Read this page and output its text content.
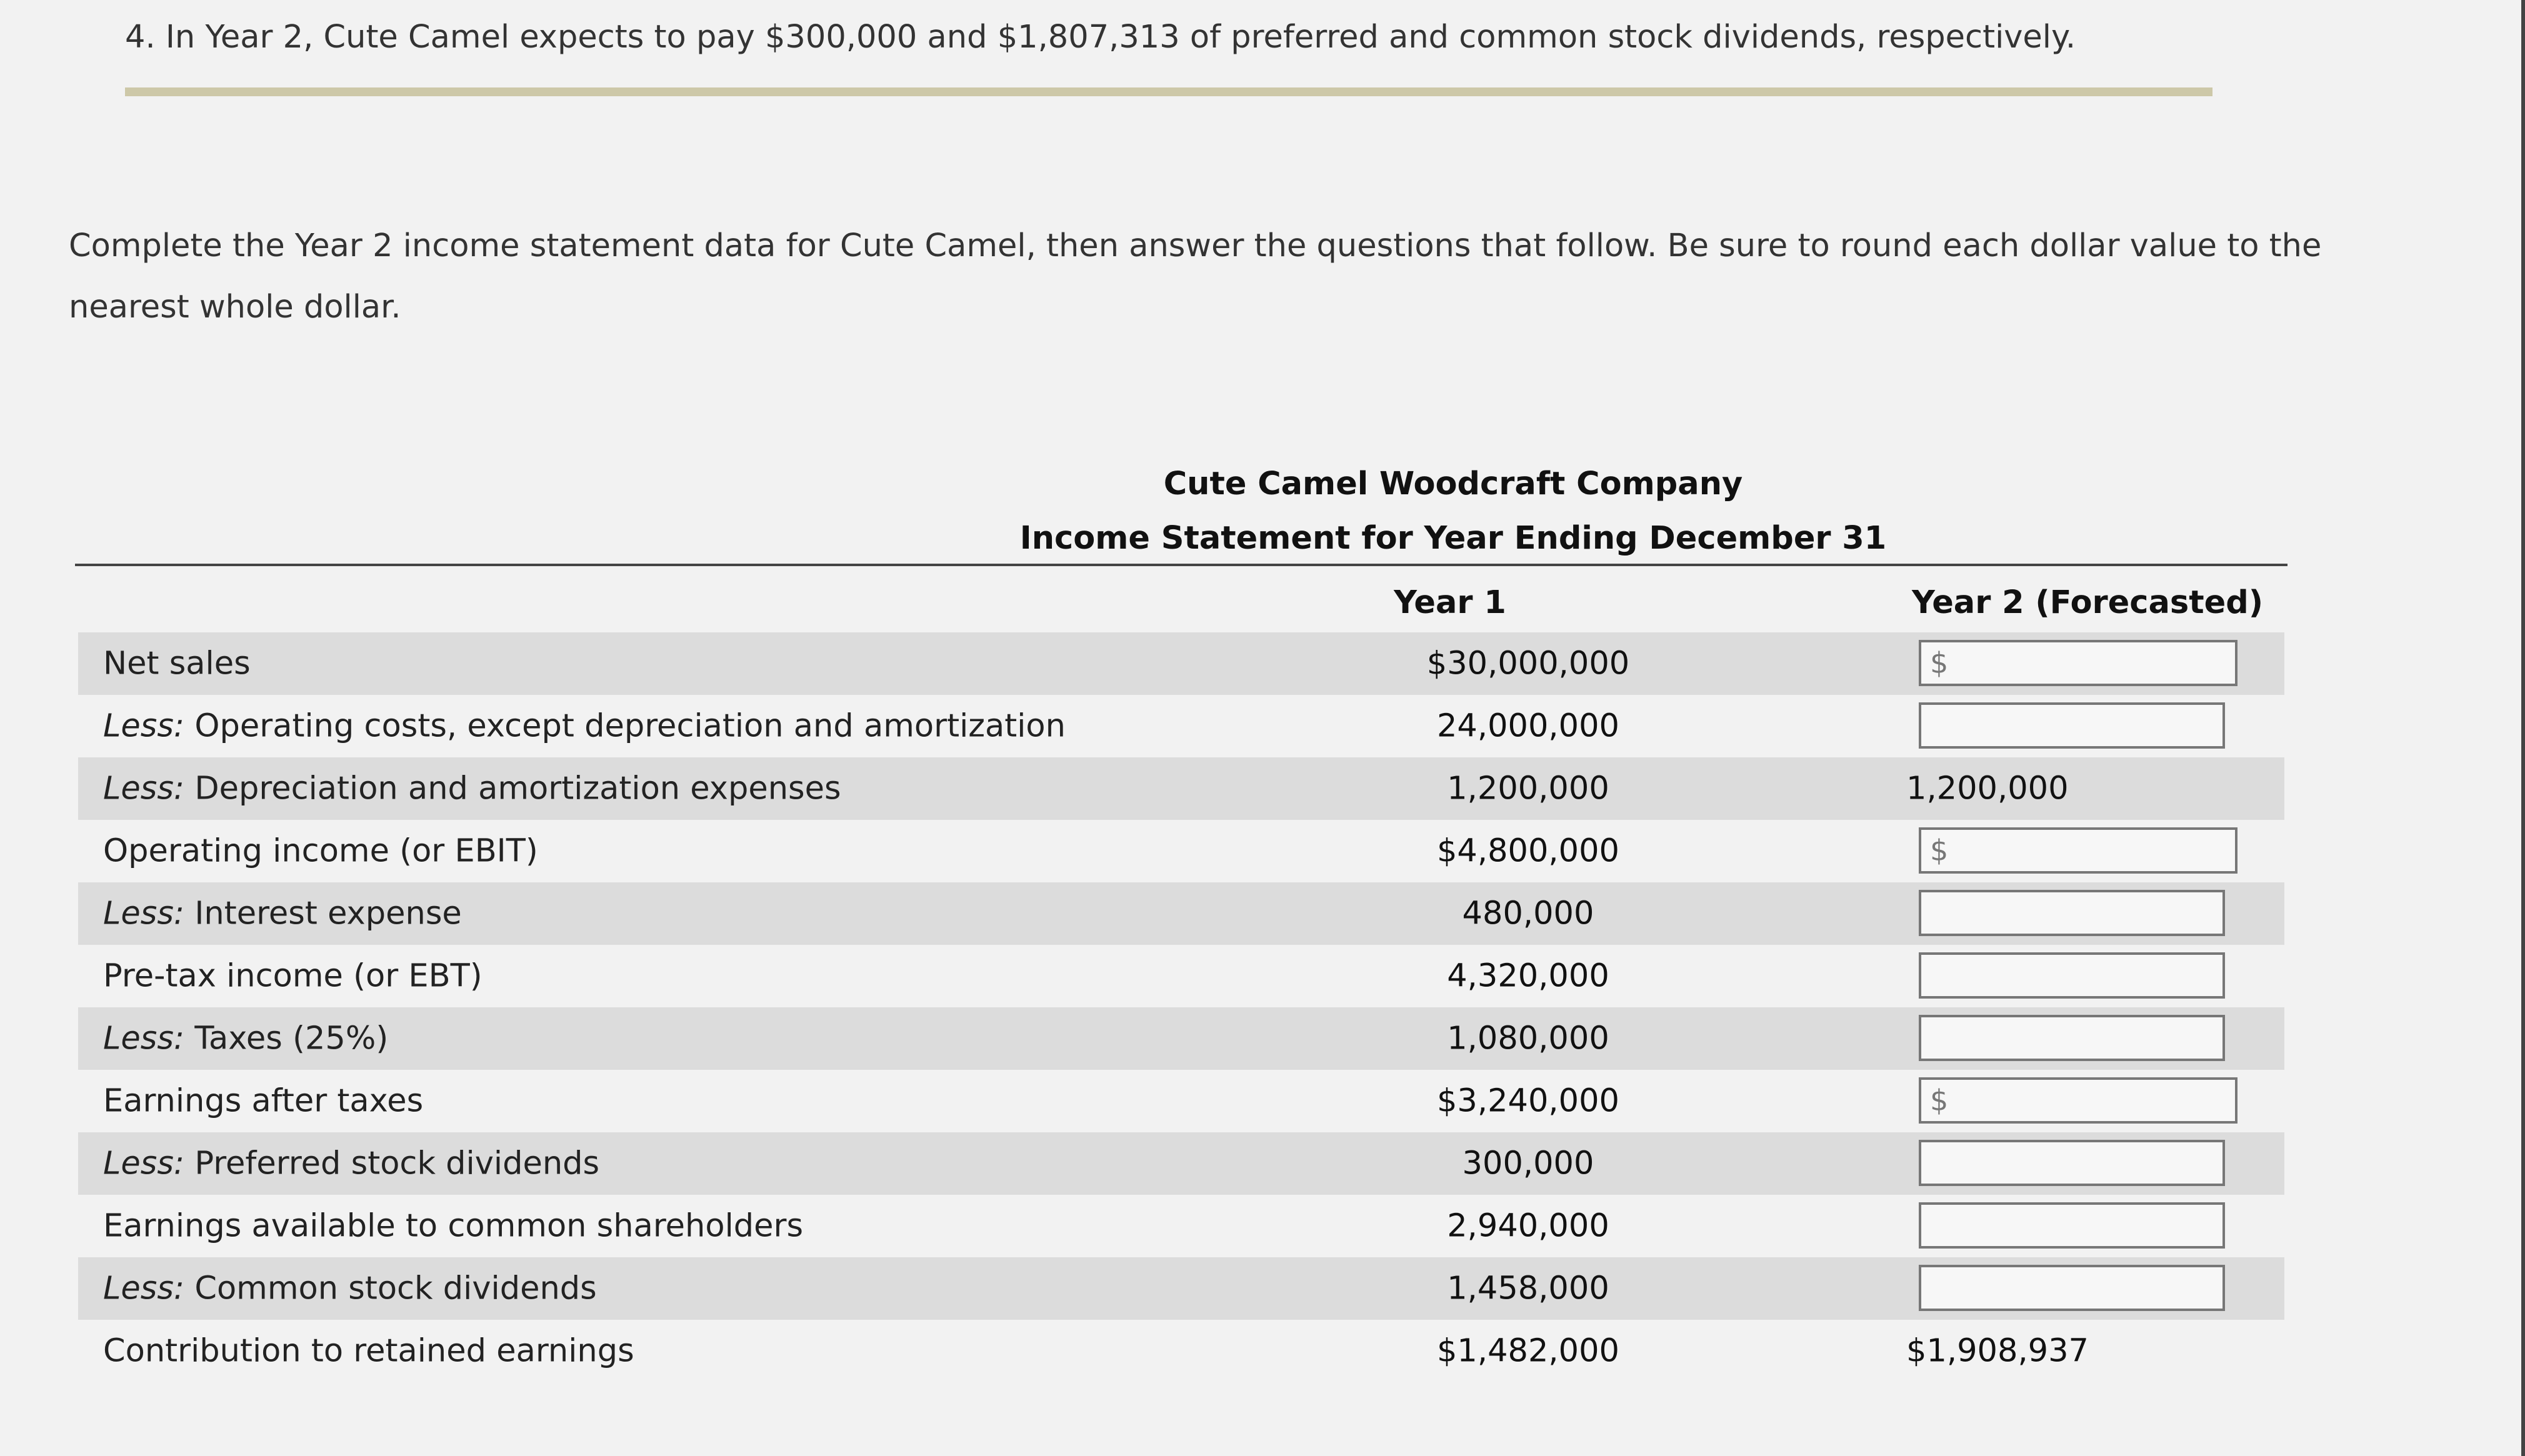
4. In Year 2, Cute Camel expects to pay $300,000 and $1,807,313 of preferred and common stock dividends, respectively.
Complete the Year 2 income statement data for Cute Camel, then answer the questions that follow. Be sure to round each dollar value to the nearest whole dollar.
Cute Camel Woodcraft Company
Income Statement for Year Ending December 31
Year 1	Year 2 (Forecasted)
Net sales	$30,000,000	$
Less: Operating costs, except depreciation and amortization	24,000,000
Less: Depreciation and amortization expenses	1,200,000	1,200,000
Operating income (or EBIT)	$4,800,000	$
Less: Interest expense	480,000
Pre-tax income (or EBT)	4,320,000
Less: Taxes (25%)	1,080,000
Earnings after taxes	$3,240,000	$
Less: Preferred stock dividends	300,000
Earnings available to common shareholders	2,940,000
Less: Common stock dividends	1,458,000
Contribution to retained earnings	$1,482,000	$1,908,937
